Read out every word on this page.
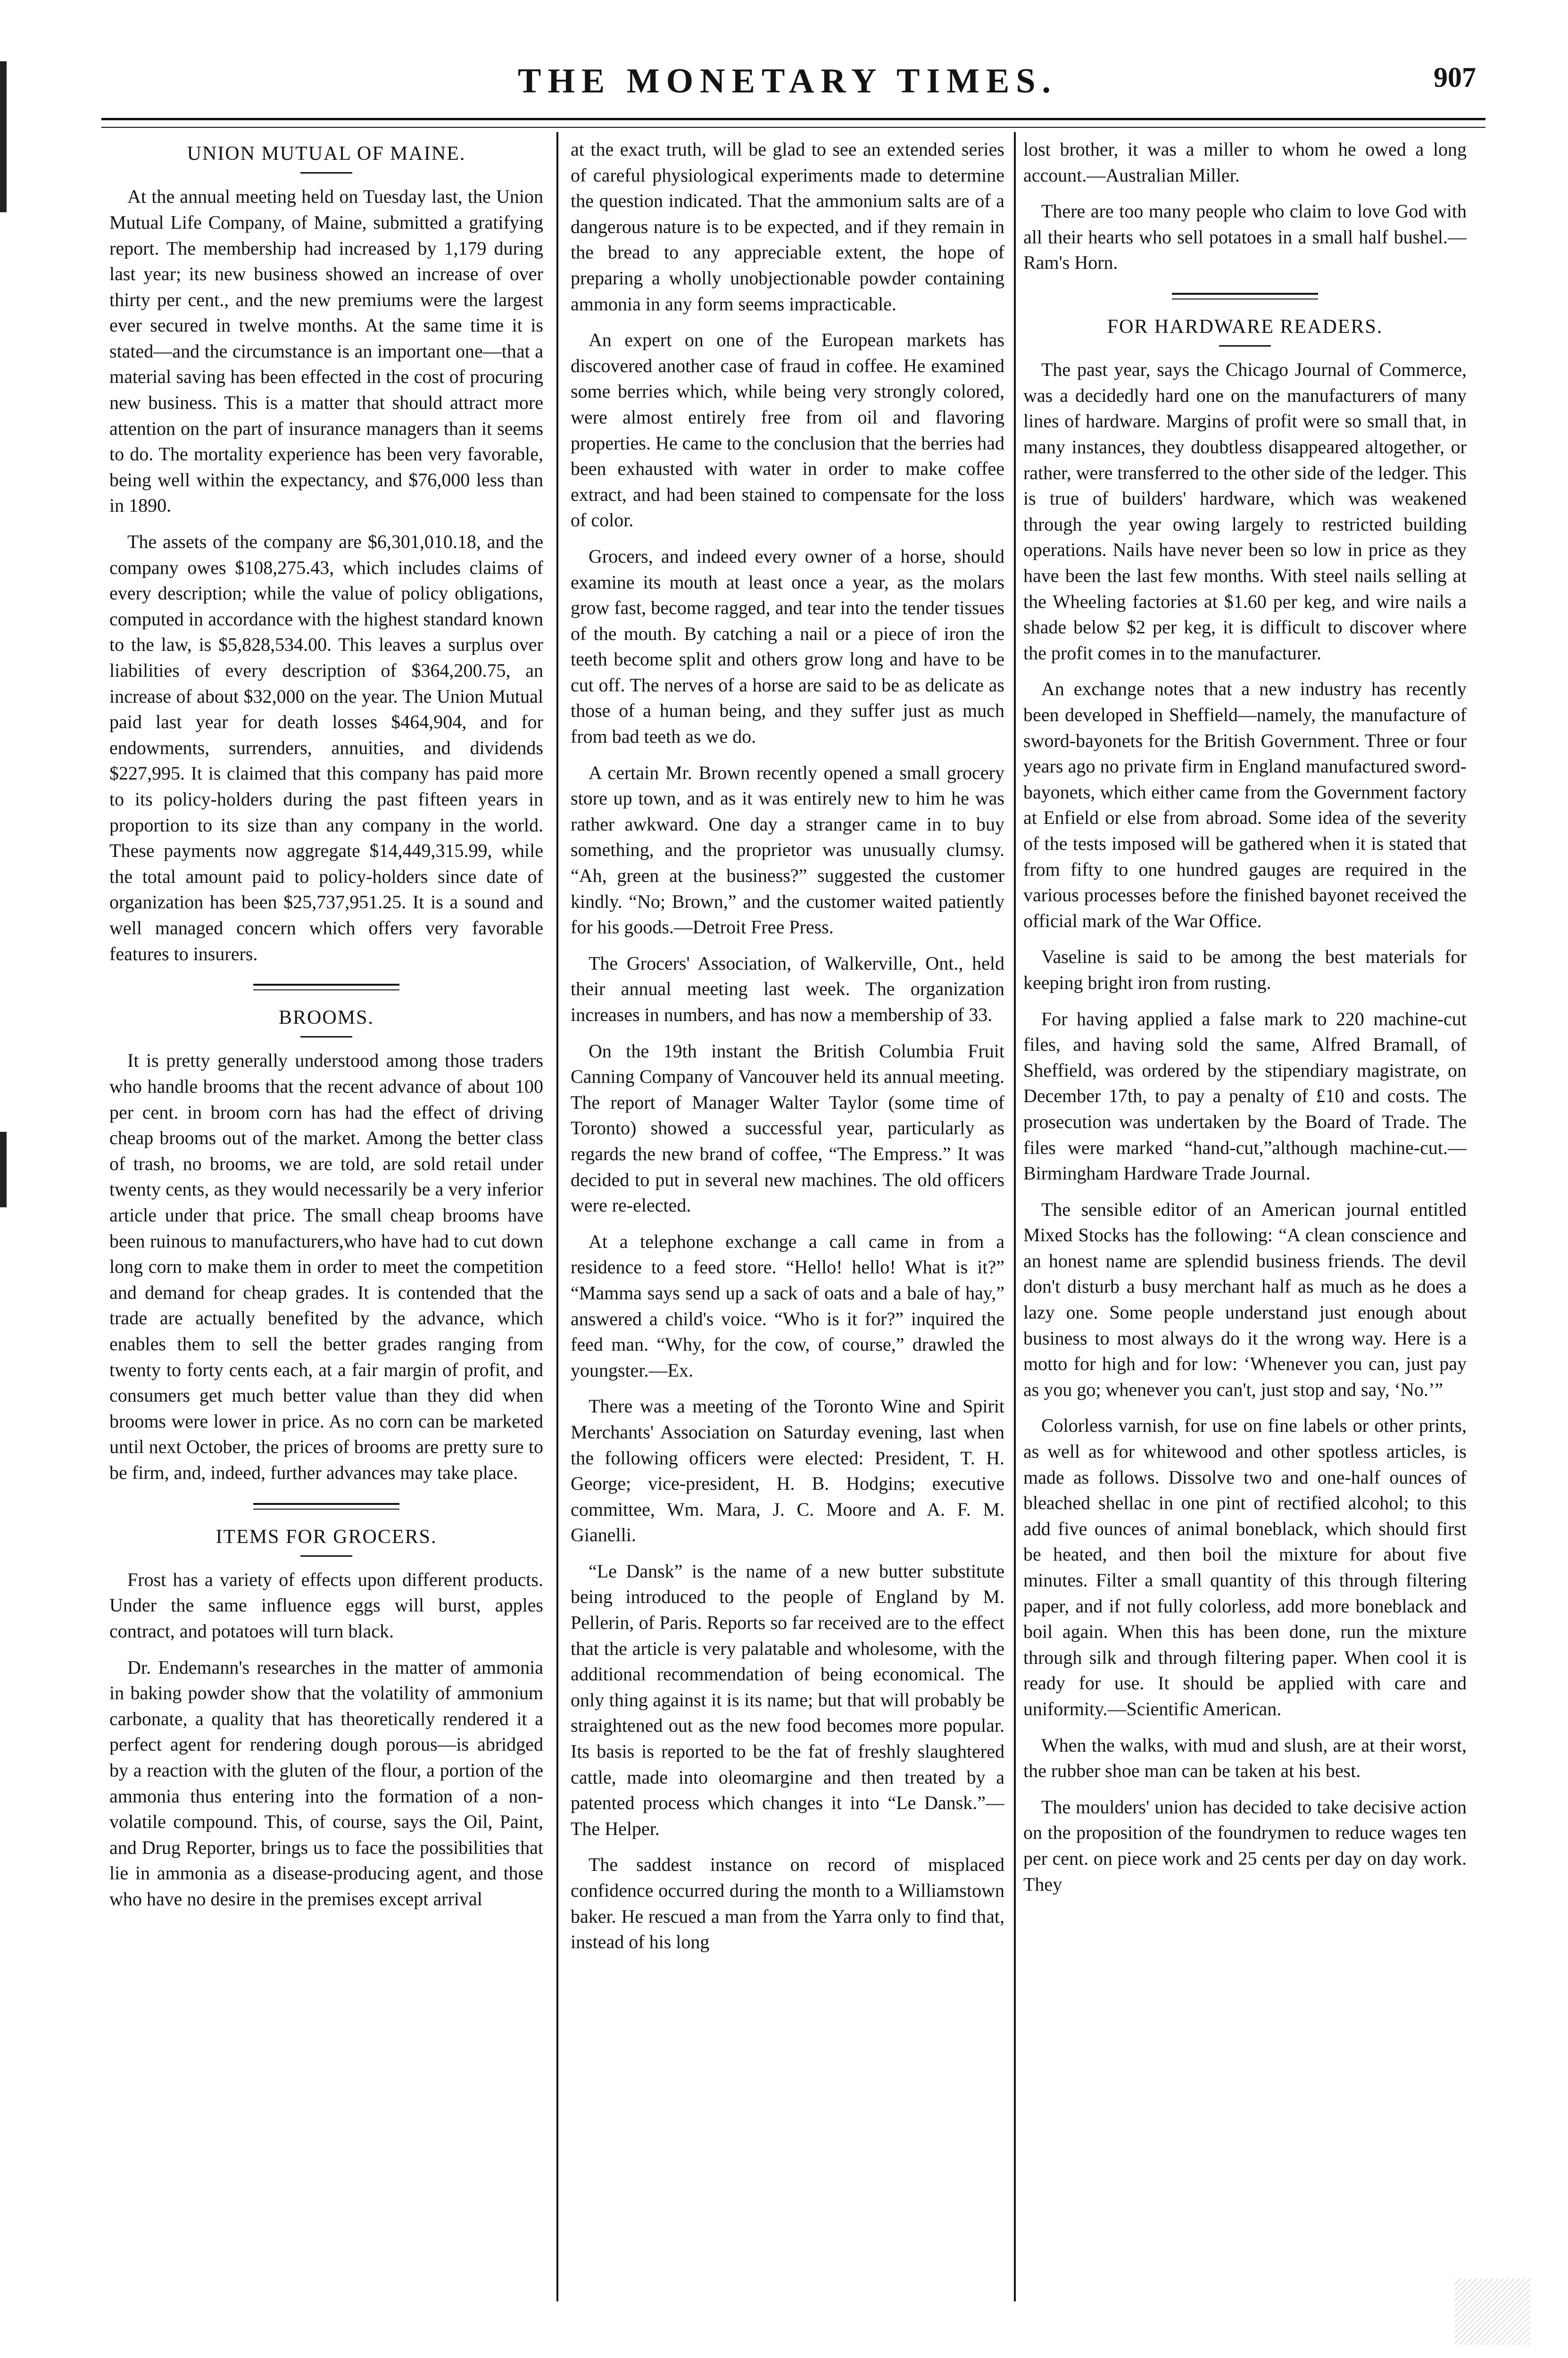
THE MONETARY TIMES.	907
UNION MUTUAL OF MAINE.

At the annual meeting held on Tuesday last, the Union Mutual Life Company, of Maine, submitted a gratifying report. The membership had increased by 1,179 during last year; its new business showed an increase of over thirty per cent., and the new premiums were the largest ever secured in twelve months. At the same time it is stated—and the circumstance is an important one—that a material saving has been effected in the cost of procuring new business. This is a matter that should attract more attention on the part of insurance managers than it seems to do. The mortality experience has been very favorable, being well within the expectancy, and $76,000 less than in 1890.

The assets of the company are $6,301,010.18, and the company owes $108,275.43, which includes claims of every description; while the value of policy obligations, computed in accordance with the highest standard known to the law, is $5,828,534.00. This leaves a surplus over liabilities of every description of $364,200.75, an increase of about $32,000 on the year. The Union Mutual paid last year for death losses $464,904, and for endowments, surrenders, annuities, and dividends $227,995. It is claimed that this company has paid more to its policy-holders during the past fifteen years in proportion to its size than any company in the world. These payments now aggregate $14,449,315.99, while the total amount paid to policy-holders since date of organization has been $25,737,951.25. It is a sound and well managed concern which offers very favorable features to insurers.

BROOMS.

It is pretty generally understood among those traders who handle brooms that the recent advance of about 100 per cent. in broom corn has had the effect of driving cheap brooms out of the market. Among the better class of trash, no brooms, we are told, are sold retail under twenty cents, as they would necessarily be a very inferior article under that price. The small cheap brooms have been ruinous to manufacturers,who have had to cut down long corn to make them in order to meet the competition and demand for cheap grades. It is contended that the trade are actually benefited by the advance, which enables them to sell the better grades ranging from twenty to forty cents each, at a fair margin of profit, and consumers get much better value than they did when brooms were lower in price. As no corn can be marketed until next October, the prices of brooms are pretty sure to be firm, and, indeed, further advances may take place.

ITEMS FOR GROCERS.

Frost has a variety of effects upon different products. Under the same influence eggs will burst, apples contract, and potatoes will turn black.

Dr. Endemann's researches in the matter of ammonia in baking powder show that the volatility of ammonium carbonate, a quality that has theoretically rendered it a perfect agent for rendering dough porous—is abridged by a reaction with the gluten of the flour, a portion of the ammonia thus entering into the formation of a non-volatile compound. This, of course, says the Oil, Paint, and Drug Reporter, brings us to face the possibilities that lie in ammonia as a disease-producing agent, and those who have no desire in the premises except arrival

at the exact truth, will be glad to see an extended series of careful physiological experiments made to determine the question indicated. That the ammonium salts are of a dangerous nature is to be expected, and if they remain in the bread to any appreciable extent, the hope of preparing a wholly unobjectionable powder containing ammonia in any form seems impracticable.

An expert on one of the European markets has discovered another case of fraud in coffee. He examined some berries which, while being very strongly colored, were almost entirely free from oil and flavoring properties. He came to the conclusion that the berries had been exhausted with water in order to make coffee extract, and had been stained to compensate for the loss of color.

Grocers, and indeed every owner of a horse, should examine its mouth at least once a year, as the molars grow fast, become ragged, and tear into the tender tissues of the mouth. By catching a nail or a piece of iron the teeth become split and others grow long and have to be cut off. The nerves of a horse are said to be as delicate as those of a human being, and they suffer just as much from bad teeth as we do.

A certain Mr. Brown recently opened a small grocery store up town, and as it was entirely new to him he was rather awkward. One day a stranger came in to buy something, and the proprietor was unusually clumsy. “Ah, green at the business?” suggested the customer kindly. “No; Brown,” and the customer waited patiently for his goods.—Detroit Free Press.

The Grocers' Association, of Walkerville, Ont., held their annual meeting last week. The organization increases in numbers, and has now a membership of 33.

On the 19th instant the British Columbia Fruit Canning Company of Vancouver held its annual meeting. The report of Manager Walter Taylor (some time of Toronto) showed a successful year, particularly as regards the new brand of coffee, “The Empress.” It was decided to put in several new machines. The old officers were re-elected.

At a telephone exchange a call came in from a residence to a feed store. “Hello! hello! What is it?” “Mamma says send up a sack of oats and a bale of hay,” answered a child's voice. “Who is it for?” inquired the feed man. “Why, for the cow, of course,” drawled the youngster.—Ex.

There was a meeting of the Toronto Wine and Spirit Merchants' Association on Saturday evening, last when the following officers were elected: President, T. H. George; vice-president, H. B. Hodgins; executive committee, Wm. Mara, J. C. Moore and A. F. M. Gianelli.

“Le Dansk” is the name of a new butter substitute being introduced to the people of England by M. Pellerin, of Paris. Reports so far received are to the effect that the article is very palatable and wholesome, with the additional recommendation of being economical. The only thing against it is its name; but that will probably be straightened out as the new food becomes more popular. Its basis is reported to be the fat of freshly slaughtered cattle, made into oleomargine and then treated by a patented process which changes it into “Le Dansk.”—The Helper.

The saddest instance on record of misplaced confidence occurred during the month to a Williamstown baker. He rescued a man from the Yarra only to find that, instead of his long

lost brother, it was a miller to whom he owed a long account.—Australian Miller.

There are too many people who claim to love God with all their hearts who sell potatoes in a small half bushel.—Ram's Horn.

FOR HARDWARE READERS.

The past year, says the Chicago Journal of Commerce, was a decidedly hard one on the manufacturers of many lines of hardware. Margins of profit were so small that, in many instances, they doubtless disappeared altogether, or rather, were transferred to the other side of the ledger. This is true of builders' hardware, which was weakened through the year owing largely to restricted building operations. Nails have never been so low in price as they have been the last few months. With steel nails selling at the Wheeling factories at $1.60 per keg, and wire nails a shade below $2 per keg, it is difficult to discover where the profit comes in to the manufacturer.

An exchange notes that a new industry has recently been developed in Sheffield—namely, the manufacture of sword-bayonets for the British Government. Three or four years ago no private firm in England manufactured sword-bayonets, which either came from the Government factory at Enfield or else from abroad. Some idea of the severity of the tests imposed will be gathered when it is stated that from fifty to one hundred gauges are required in the various processes before the finished bayonet received the official mark of the War Office.

Vaseline is said to be among the best materials for keeping bright iron from rusting.

For having applied a false mark to 220 machine-cut files, and having sold the same, Alfred Bramall, of Sheffield, was ordered by the stipendiary magistrate, on December 17th, to pay a penalty of £10 and costs. The prosecution was undertaken by the Board of Trade. The files were marked “hand-cut,”although machine-cut.—Birmingham Hardware Trade Journal.

The sensible editor of an American journal entitled Mixed Stocks has the following: “A clean conscience and an honest name are splendid business friends. The devil don't disturb a busy merchant half as much as he does a lazy one. Some people understand just enough about business to most always do it the wrong way. Here is a motto for high and for low: ‘Whenever you can, just pay as you go; whenever you can't, just stop and say, ‘No.’”

Colorless varnish, for use on fine labels or other prints, as well as for whitewood and other spotless articles, is made as follows. Dissolve two and one-half ounces of bleached shellac in one pint of rectified alcohol; to this add five ounces of animal boneblack, which should first be heated, and then boil the mixture for about five minutes. Filter a small quantity of this through filtering paper, and if not fully colorless, add more boneblack and boil again. When this has been done, run the mixture through silk and through filtering paper. When cool it is ready for use. It should be applied with care and uniformity.—Scientific American.

When the walks, with mud and slush, are at their worst, the rubber shoe man can be taken at his best.

The moulders' union has decided to take decisive action on the proposition of the foundrymen to reduce wages ten per cent. on piece work and 25 cents per day on day work. They
